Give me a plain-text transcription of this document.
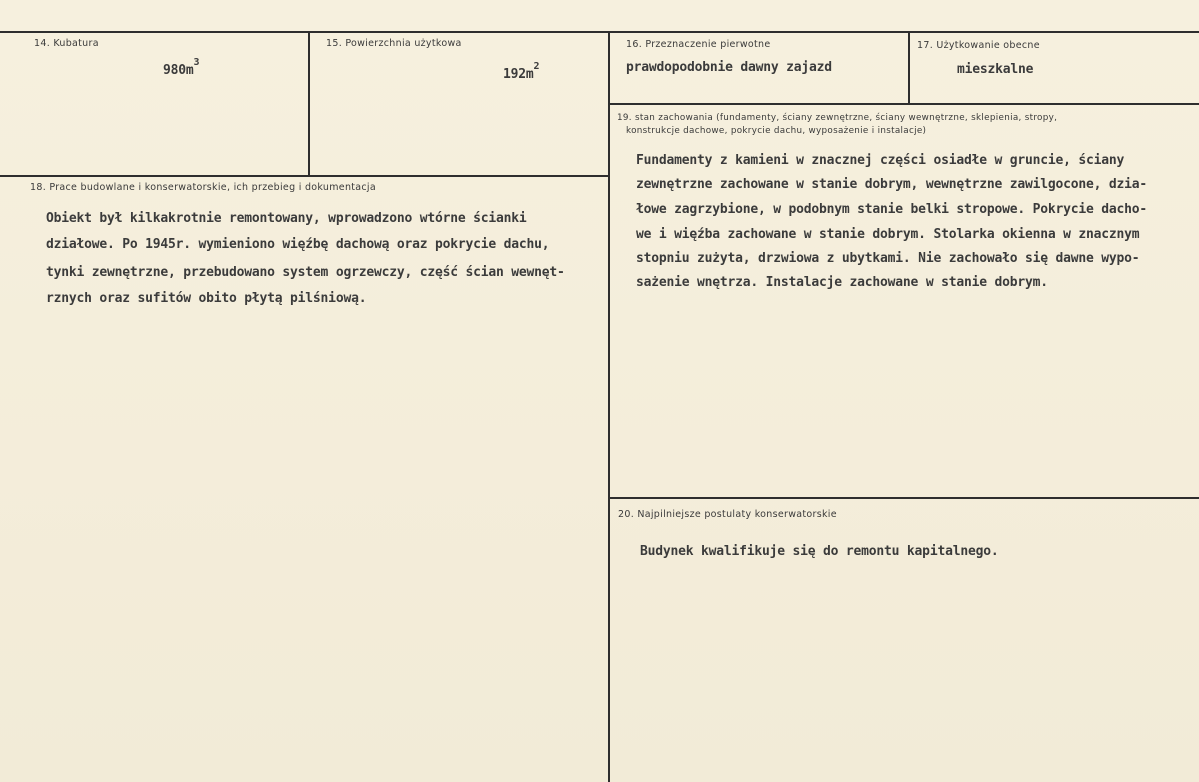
14. Kubatura
$980m^3$
15. Powierzchnia użytkowa
$192m^2$
16. Przeznaczenie pierwotne
prawdopodobnie dawny zajazd
17. Użytkowanie obecne
mieszkalne
18. Prace budowlane i konserwatorskie, ich przebieg i dokumentacja
Obiekt był kilkakrotnie remontowany, wprowadzono wtórne ścianki
działowe. Po 1945r. wymieniono więźbę dachową oraz pokrycie dachu,
tynki zewnętrzne, przebudowano system ogrzewczy, część ścian wewnęt-
rznych oraz sufitów obito płytą pilśniową.
19. stan zachowania (fundamenty, ściany zewnętrzne, ściany wewnętrzne, sklepienia, stropy,
konstrukcje dachowe, pokrycie dachu, wyposażenie i instalacje)
Fundamenty z kamieni w znacznej części osiadłe w gruncie, ściany
zewnętrzne zachowane w stanie dobrym, wewnętrzne zawilgocone, dzia-
łowe zagrzybione, w podobnym stanie belki stropowe. Pokrycie dacho-
we i więźba zachowane w stanie dobrym. Stolarka okienna w znacznym
stopniu zużyta, drzwiowa z ubytkami. Nie zachowało się dawne wypo-
sażenie wnętrza. Instalacje zachowane w stanie dobrym.
20. Najpilniejsze postulaty konserwatorskie
Budynek kwalifikuje się do remontu kapitalnego.
